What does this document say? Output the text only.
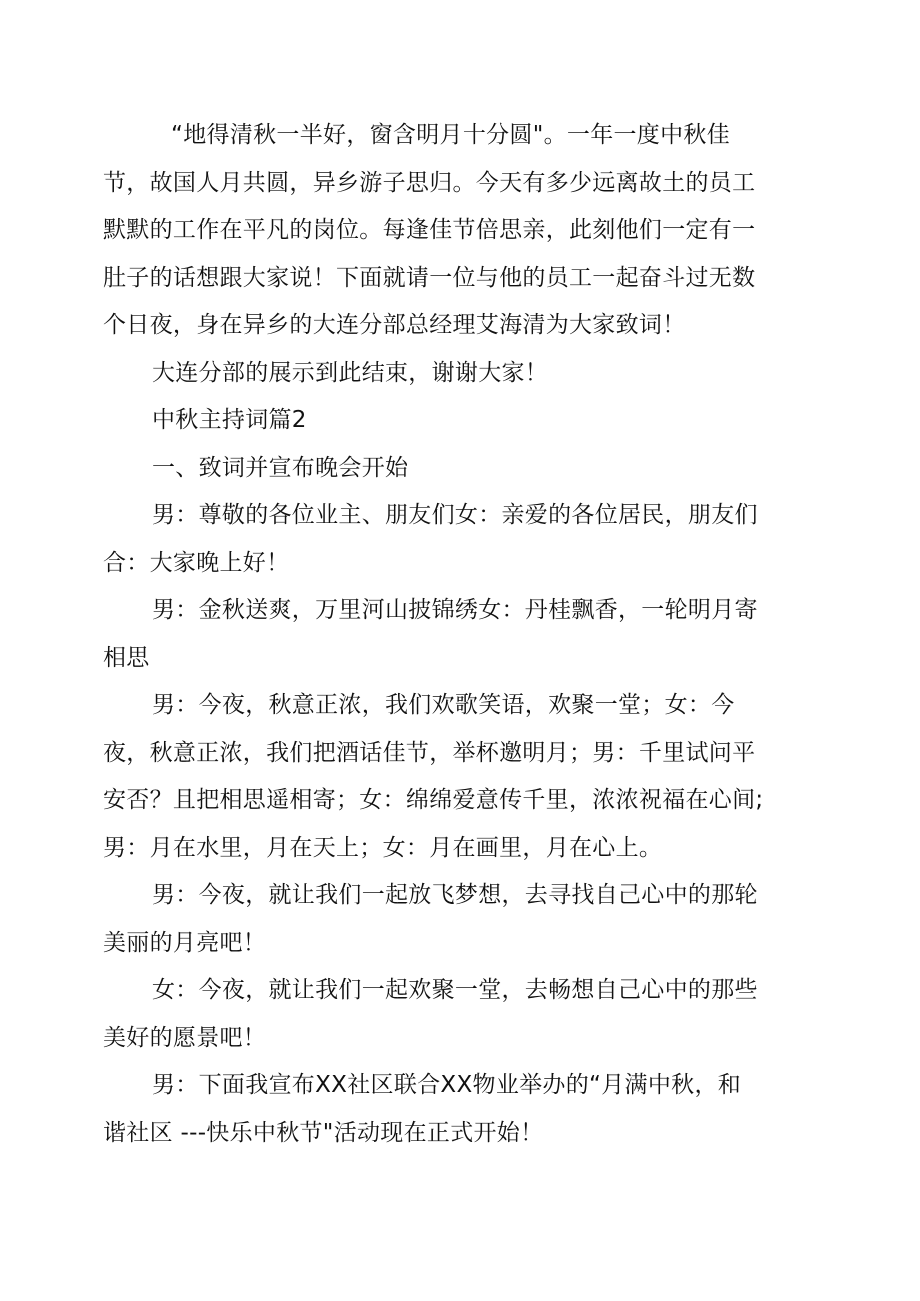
“地得清秋一半好，窗含明月十分圆"。一年一度中秋佳
节，故国人月共圆，异乡游子思归。今天有多少远离故土的员工
默默的工作在平凡的岗位。每逢佳节倍思亲，此刻他们一定有一
肚子的话想跟大家说！下面就请一位与他的员工一起奋斗过无数
个日夜，身在异乡的大连分部总经理艾海清为大家致词！
大连分部的展示到此结束，谢谢大家！
中秋主持词篇2
一、致词并宣布晚会开始
男：尊敬的各位业主、朋友们女：亲爱的各位居民，朋友们
合：大家晚上好！
男：金秋送爽，万里河山披锦绣女：丹桂飘香，一轮明月寄
相思
男：今夜，秋意正浓，我们欢歌笑语，欢聚一堂；女：今
夜，秋意正浓，我们把酒话佳节，举杯邀明月；男：千里试问平
安否？且把相思遥相寄；女：绵绵爱意传千里，浓浓祝福在心间;
男：月在水里，月在天上；女：月在画里，月在心上。
男：今夜，就让我们一起放飞梦想，去寻找自己心中的那轮
美丽的月亮吧！
女：今夜，就让我们一起欢聚一堂，去畅想自己心中的那些
美好的愿景吧！
男：下面我宣布XX社区联合XX物业举办的“月满中秋，和
谐社区 ---快乐中秋节"活动现在正式开始！
